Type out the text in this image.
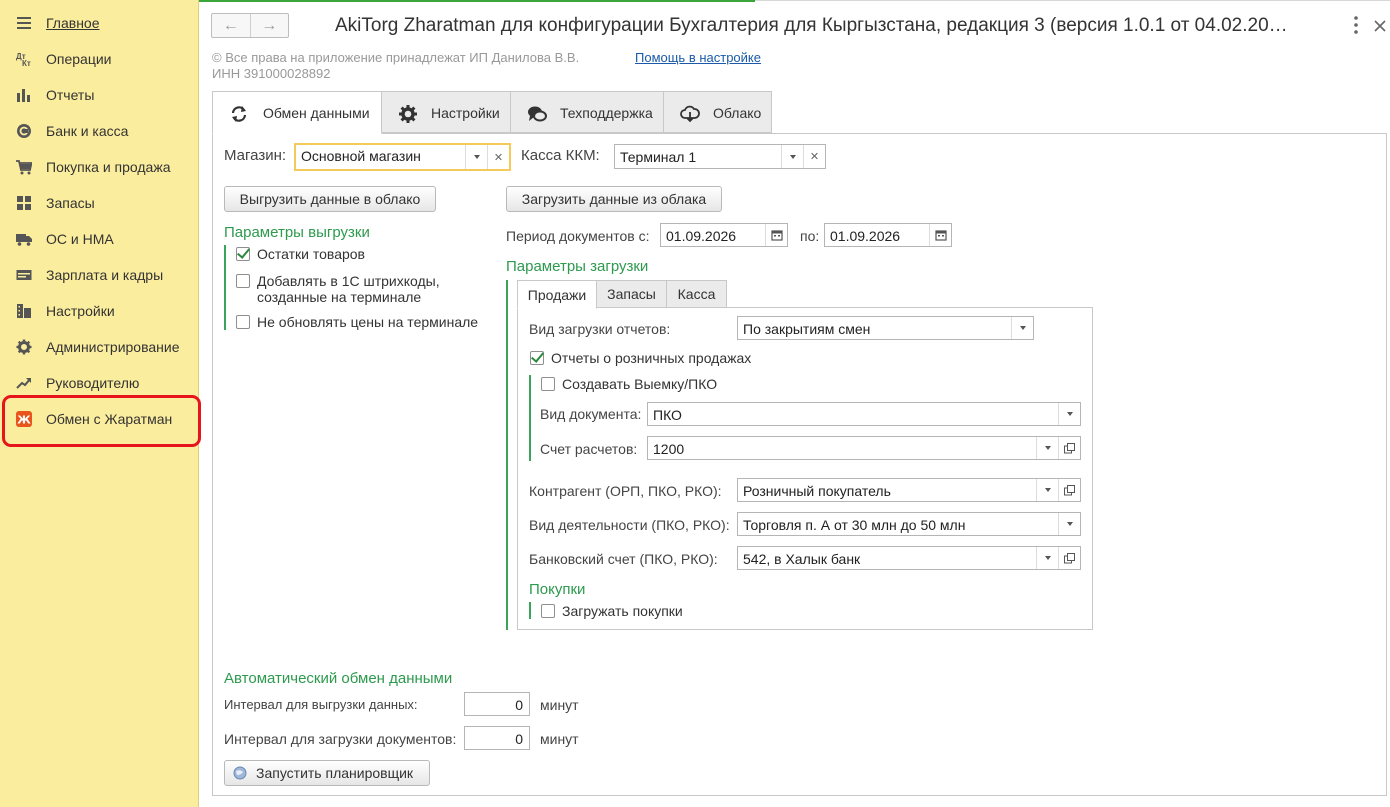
Главное
Дт
Кт Операции
Отчеты
Банк и касса
Покупка и продажа
Запасы
ОС и НМА
Зарплата и кадры
Настройки
Администрирование
Руководителю
Ж Обмен с Жаратман
←	→	AkiTorg Zharatman для конфигурации Бухгалтерия для Кыргызстана, редакция 3 (версия 1.0.1 от 04.02.20…
© Все права на приложение принадлежат ИП Данилова В.В.
ИНН 391000028892
Помощь в настройке
Обмен данными	Настройки	Техподдержка	Облако
Магазин: Основной магазин	✕	Касса ККМ: Терминал 1	✕
Выгрузить данные в облако	Загрузить данные из облака
Параметры выгрузки
Остатки товаров
Добавлять в 1С штрихкоды,
созданные на терминале
Не обновлять цены на терминале
Период документов с: 01.09.2026	по: 01.09.2026
Параметры загрузки
Продажи	Запасы	Касса
Вид загрузки отчетов:	По закрытиям смен
Отчеты о розничных продажах
Создавать Выемку/ПКО
Вид документа: ПКО
Счет расчетов: 1200
Контрагент (ОРП, ПКО, РКО): Розничный покупатель
Вид деятельности (ПКО, РКО): Торговля п. А от 30 млн до 50 млн
Банковский счет (ПКО, РКО): 542, в Халык банк
Покупки
Загружать покупки
Автоматический обмен данными
Интервал для выгрузки данных:	0	минут
Интервал для загрузки документов:	0	минут
Запустить планировщик
